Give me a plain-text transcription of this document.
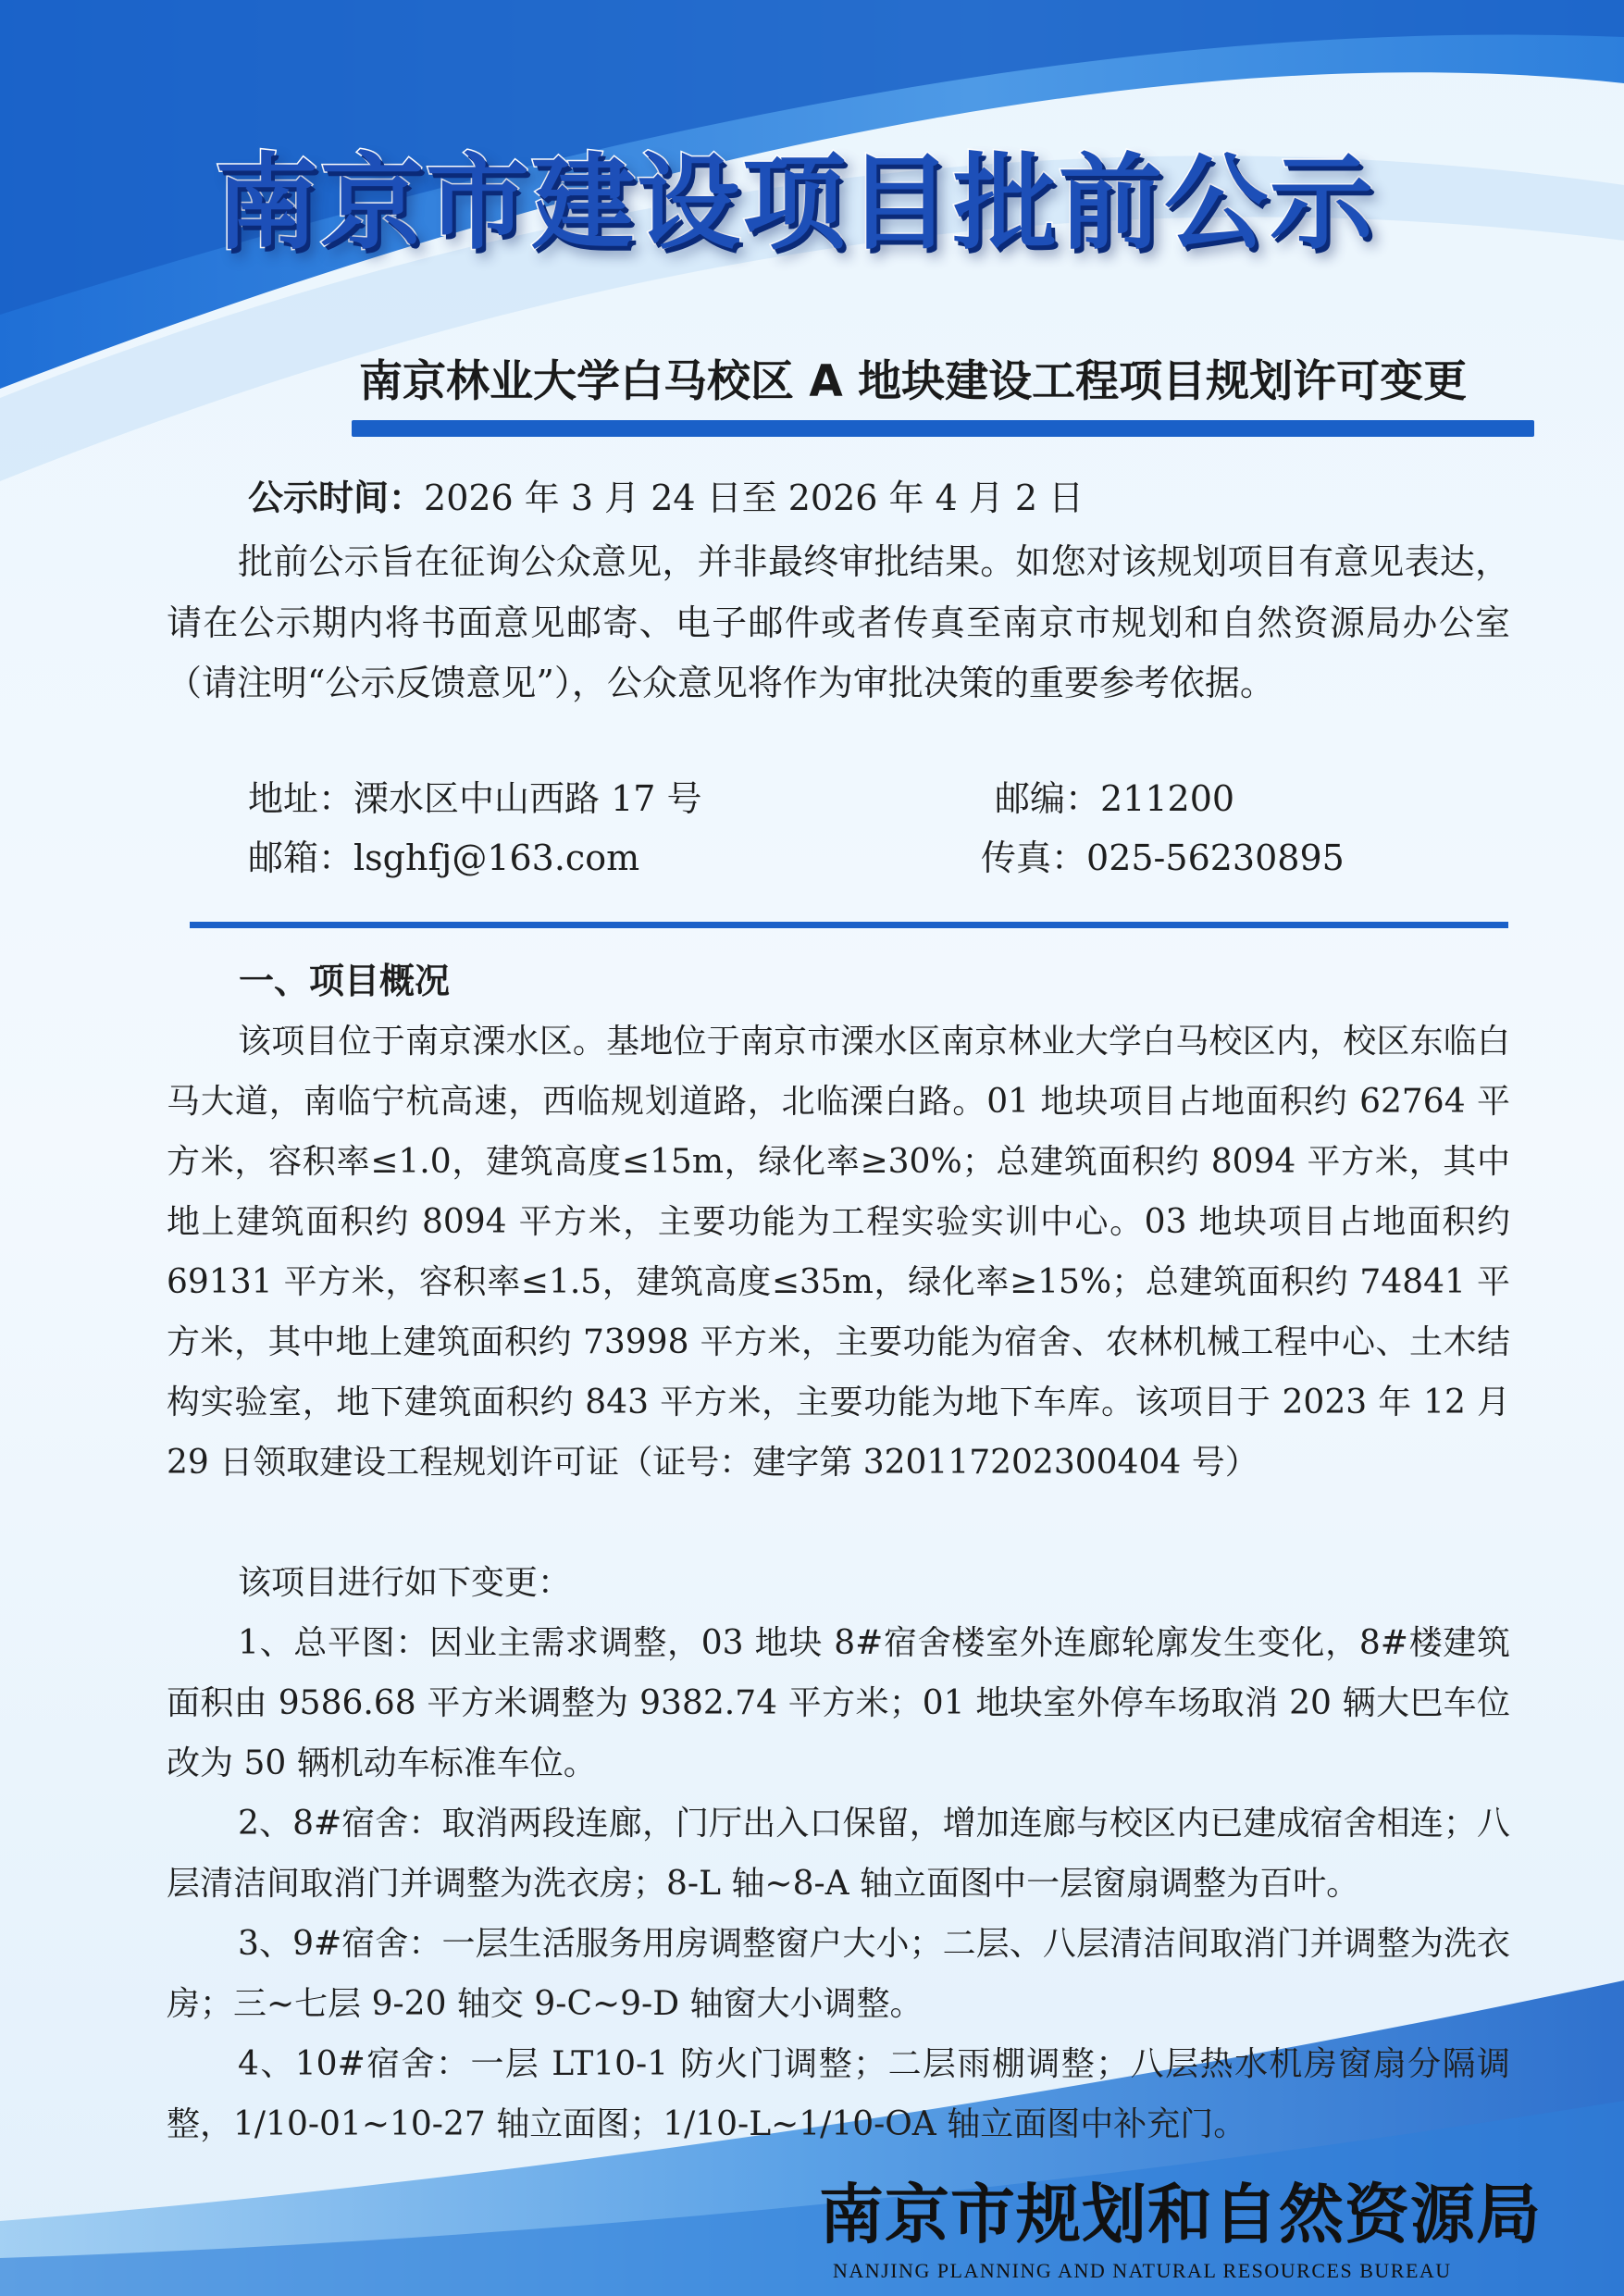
南京市建设项目批前公示
南京林业大学白马校区 A 地块建设工程项目规划许可变更
公示时间：2026 年 3 月 24 日至 2026 年 4 月 2 日
批前公示旨在征询公众意见，并非最终审批结果。如您对该规划项目有意见表达，请在公示期内将书面意见邮寄、电子邮件或者传真至南京市规划和自然资源局办公室（请注明“公示反馈意见”），公众意见将作为审批决策的重要参考依据。
地址：溧水区中山西路 17 号	邮编：211200
邮箱：lsghfj@163.com	传真：025-56230895
一、项目概况
该项目位于南京溧水区。基地位于南京市溧水区南京林业大学白马校区内，校区东临白马大道，南临宁杭高速，西临规划道路，北临溧白路。01 地块项目占地面积约 62764 平方米，容积率≤1.0，建筑高度≤15m，绿化率≥30%；总建筑面积约 8094 平方米，其中地上建筑面积约 8094 平方米，主要功能为工程实验实训中心。03 地块项目占地面积约 69131 平方米，容积率≤1.5，建筑高度≤35m，绿化率≥15%；总建筑面积约 74841 平方米，其中地上建筑面积约 73998 平方米，主要功能为宿舍、农林机械工程中心、土木结构实验室，地下建筑面积约 843 平方米，主要功能为地下车库。该项目于 2023 年 12 月 29 日领取建设工程规划许可证（证号：建字第 320117202300404 号）
该项目进行如下变更：
1、总平图：因业主需求调整，03 地块 8#宿舍楼室外连廊轮廓发生变化，8#楼建筑面积由 9586.68 平方米调整为 9382.74 平方米；01 地块室外停车场取消 20 辆大巴车位改为 50 辆机动车标准车位。
2、8#宿舍：取消两段连廊，门厅出入口保留，增加连廊与校区内已建成宿舍相连；八层清洁间取消门并调整为洗衣房；8-L 轴~8-A 轴立面图中一层窗扇调整为百叶。
3、9#宿舍：一层生活服务用房调整窗户大小；二层、八层清洁间取消门并调整为洗衣房；三~七层 9-20 轴交 9-C~9-D 轴窗大小调整。
4、10#宿舍：一层 LT10-1 防火门调整；二层雨棚调整；八层热水机房窗扇分隔调整，1/10-01~10-27 轴立面图；1/10-L~1/10-OA 轴立面图中补充门。
南京市规划和自然资源局
NANJING PLANNING AND NATURAL RESOURCES BUREAU
